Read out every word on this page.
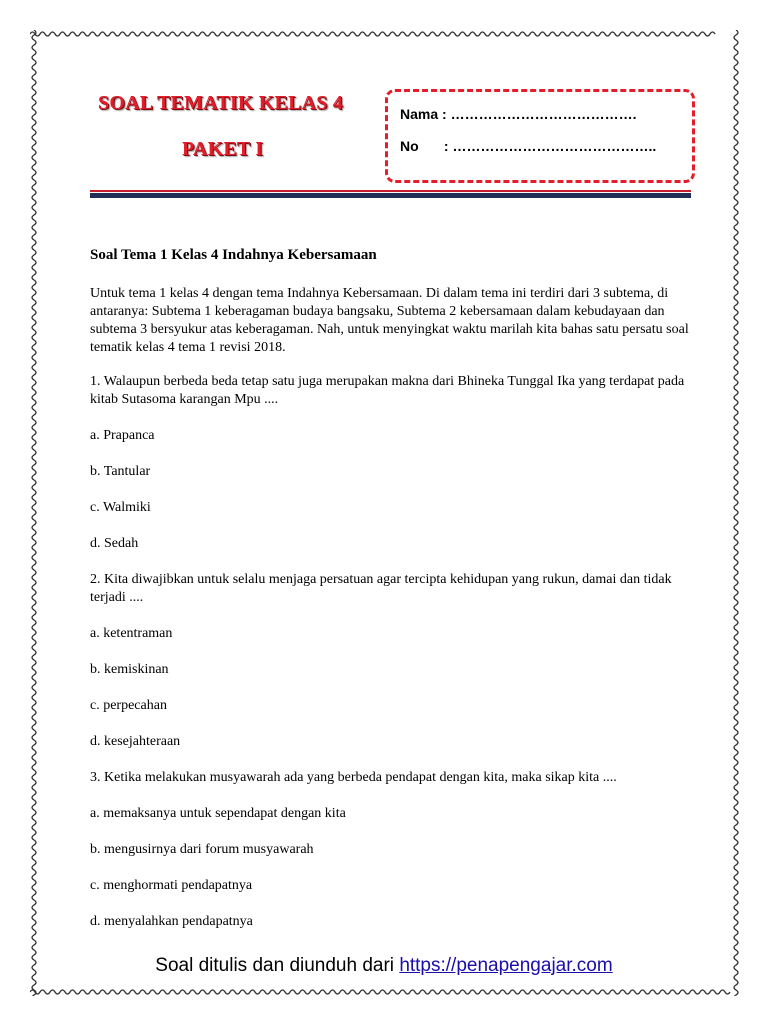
SOAL TEMATIK KELAS 4
PAKET I
Nama : ………………………………….
No : ……………………………………..
Soal Tema 1 Kelas 4 Indahnya Kebersamaan
Untuk tema 1 kelas 4 dengan tema Indahnya Kebersamaan. Di dalam tema ini terdiri dari 3 subtema, di antaranya: Subtema 1 keberagaman budaya bangsaku, Subtema 2 kebersamaan dalam kebudayaan dan subtema 3 bersyukur atas keberagaman. Nah, untuk menyingkat waktu marilah kita bahas satu persatu soal tematik kelas 4 tema 1 revisi 2018.
1. Walaupun berbeda beda tetap satu juga merupakan makna dari Bhineka Tunggal Ika yang terdapat pada kitab Sutasoma karangan Mpu ....
a. Prapanca
b. Tantular
c. Walmiki
d. Sedah
2. Kita diwajibkan untuk selalu menjaga persatuan agar tercipta kehidupan yang rukun, damai dan tidak terjadi ....
a. ketentraman
b. kemiskinan
c. perpecahan
d. kesejahteraan
3. Ketika melakukan musyawarah ada yang berbeda pendapat dengan kita, maka sikap kita ....
a. memaksanya untuk sependapat dengan kita
b. mengusirnya dari forum musyawarah
c. menghormati pendapatnya
d. menyalahkan pendapatnya
Soal ditulis dan diunduh dari https://penapengajar.com
